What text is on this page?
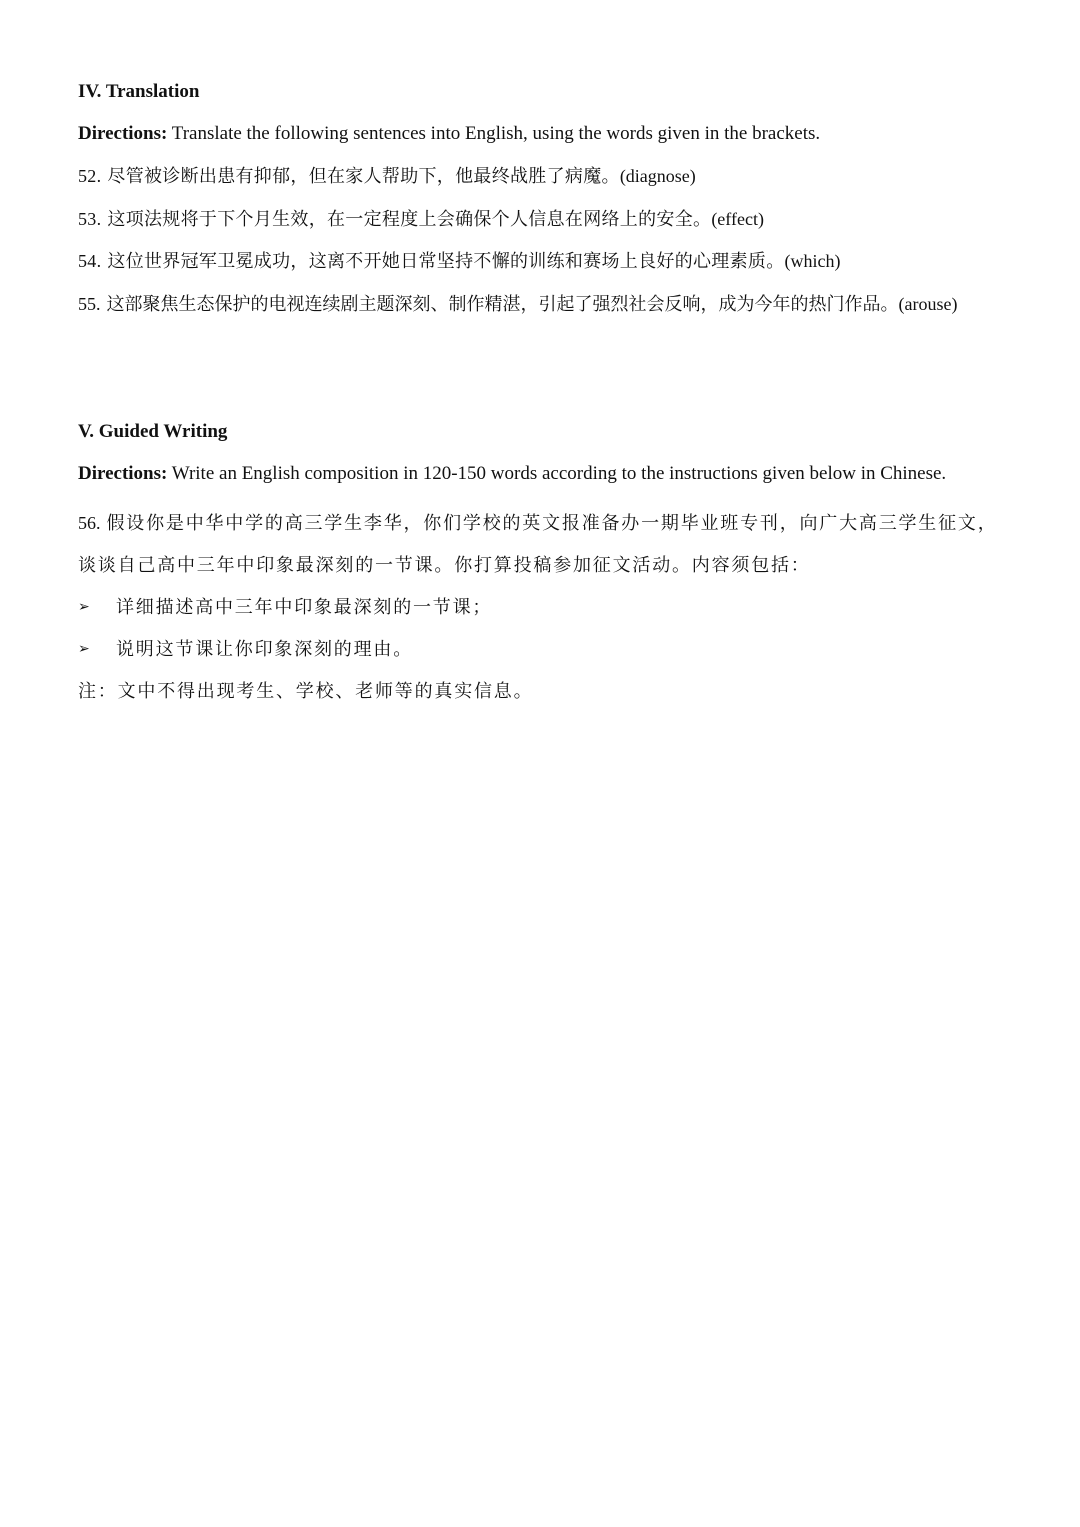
IV. Translation
Directions: Translate the following sentences into English, using the words given in the brackets.
52. 尽管被诊断出患有抑郁，但在家人帮助下，他最终战胜了病魔。(diagnose)
53. 这项法规将于下个月生效，在一定程度上会确保个人信息在网络上的安全。(effect)
54. 这位世界冠军卫冕成功，这离不开她日常坚持不懈的训练和赛场上良好的心理素质。(which)
55. 这部聚焦生态保护的电视连续剧主题深刻、制作精湛，引起了强烈社会反响，成为今年的热门作品。(arouse)
V. Guided Writing
Directions: Write an English composition in 120-150 words according to the instructions given below in Chinese.

56. 假设你是中华中学的高三学生李华，你们学校的英文报准备办一期毕业班专刊，向广大高三学生征文，谈谈自己高中三年中印象最深刻的一节课。你打算投稿参加征文活动。内容须包括：

➢	详细描述高中三年中印象最深刻的一节课；
➢	说明这节课让你印象深刻的理由。
注：文中不得出现考生、学校、老师等的真实信息。
